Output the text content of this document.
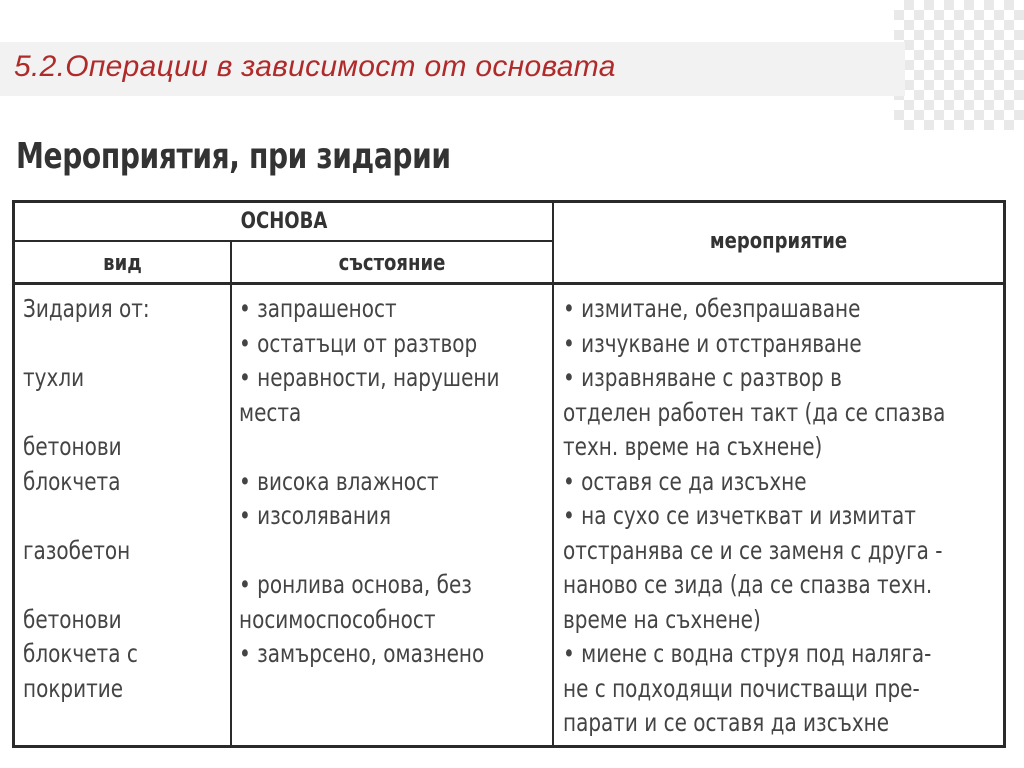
5.2.Операции в зависимост от основата
Мероприятия, при зидарии
ОСНОВА
вид	състояние
мероприятие
Зидария от:
тухли
бетонови
блокчета
газобетон
бетонови
блокчета с
покритие
• запрашеност
• остатъци от разтвор
• неравности, нарушени
места
• висока влажност
• изсолявания
• ронлива основа, без
носимоспособност
• замърсено, омазнено
• измитане, обезпрашаване
• изчукване и отстраняване
• изравняване с разтвор в
отделен работен такт (да се спазва
техн. време на съхнене)
• оставя се да изсъхне
• на сухо се изчеткват и измитат
отстранява се и се заменя с друга -
наново се зида (да се спазва техн.
време на съхнене)
• миене с водна струя под наляга-
не с подходящи почистващи пре-
парати и се оставя да изсъхне
